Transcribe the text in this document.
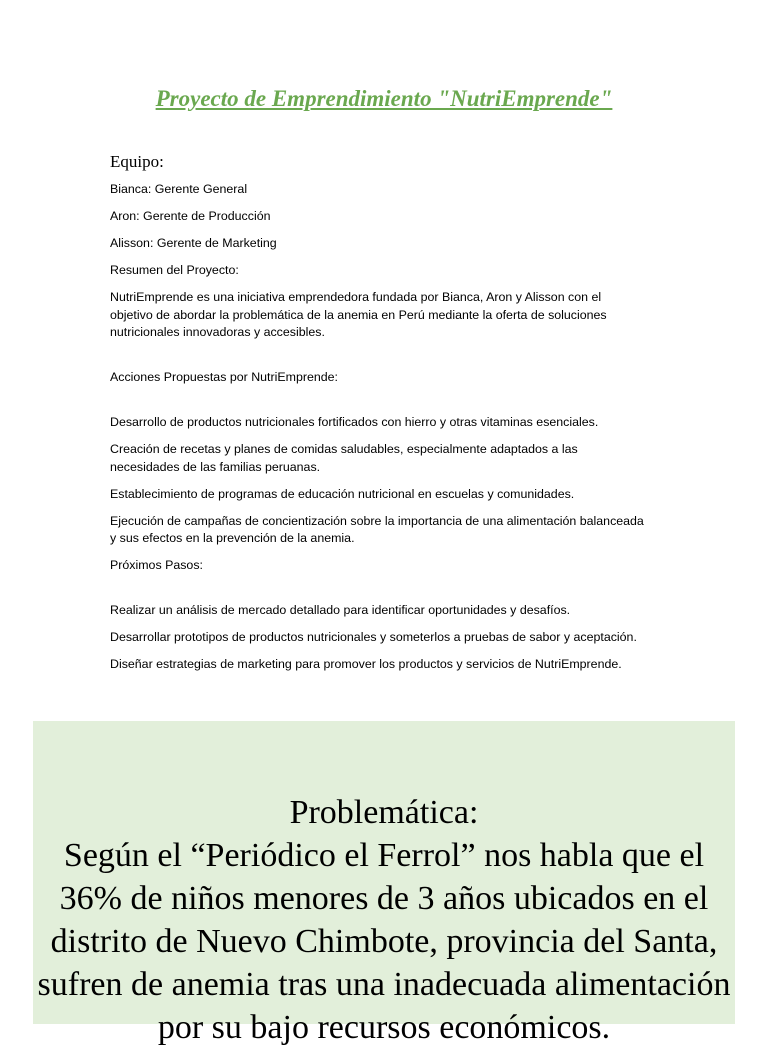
Proyecto de Emprendimiento "NutriEmprende"
Equipo:
Bianca: Gerente General
Aron: Gerente de Producción
Alisson: Gerente de Marketing
Resumen del Proyecto:
NutriEmprende es una iniciativa emprendedora fundada por Bianca, Aron y Alisson con el objetivo de abordar la problemática de la anemia en Perú mediante la oferta de soluciones nutricionales innovadoras y accesibles.
Acciones Propuestas por NutriEmprende:
Desarrollo de productos nutricionales fortificados con hierro y otras vitaminas esenciales.
Creación de recetas y planes de comidas saludables, especialmente adaptados a las necesidades de las familias peruanas.
Establecimiento de programas de educación nutricional en escuelas y comunidades.
Ejecución de campañas de concientización sobre la importancia de una alimentación balanceada y sus efectos en la prevención de la anemia.
Próximos Pasos:
Realizar un análisis de mercado detallado para identificar oportunidades y desafíos.
Desarrollar prototipos de productos nutricionales y someterlos a pruebas de sabor y aceptación.
Diseñar estrategias de marketing para promover los productos y servicios de NutriEmprende.

Problemática:

Según el “Periódico el Ferrol” nos habla que el 36% de niños menores de 3 años ubicados en el distrito de Nuevo Chimbote, provincia del Santa, sufren de anemia tras una inadecuada alimentación por su bajo recursos económicos.
